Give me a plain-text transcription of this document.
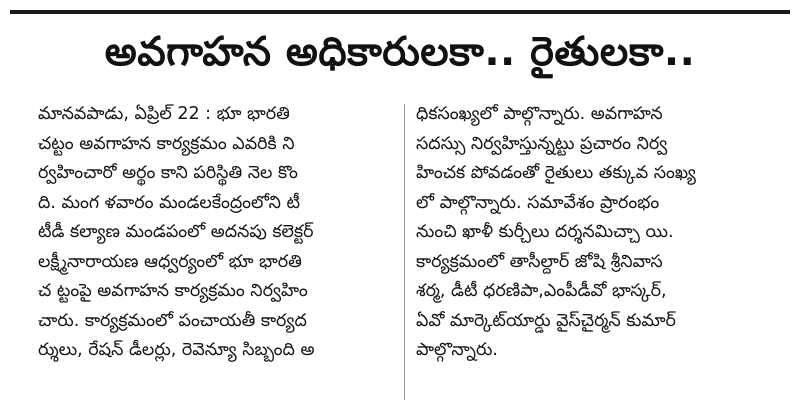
అవగాహన అధికారులకా.. రైతులకా..
మానవపాడు, ఏప్రిల్ 22 : భూ భారతి
చట్టం అవగాహన కార్యక్రమం ఎవరికి ని
ర్వహించారో అర్థం కాని పరిస్థితి నెల కొం
ది. మంగ ళవారం మండలకేంద్రంలోని టీ
టీడీ కల్యాణ మండపంలో అదనపు కలెక్టర్
లక్ష్మీనారాయణ ఆధ్వర్యంలో భూ భారతి
చ ట్టంపై అవగాహన కార్యక్రమం నిర్వహిం
చారు. కార్యక్రమంలో పంచాయతీ కార్యద
ర్శులు, రేషన్ డీలర్లు, రెవెన్యూ సిబ్బంది అ
ధికసంఖ్యలో పాల్గొన్నారు. అవగాహన
సదస్సు నిర్వహిస్తున్నట్టు ప్రచారం నిర్వ
హించక పోవడంతో రైతులు తక్కువ సంఖ్య
లో పాల్గొన్నారు. సమావేశం ప్రారంభం
నుంచి ఖాళీ కుర్చీలు దర్శనమిచ్చా యి.
కార్యక్రమంలో తాసీల్దార్ జోషి శ్రీనివాస
శర్మ, డీటీ ధరణిపా,ఎంపీడీవో భాస్కర్,
ఏవో మార్కెట్‌యార్డు వైస్‌చైర్మన్ కుమార్
పాల్గొన్నారు.
